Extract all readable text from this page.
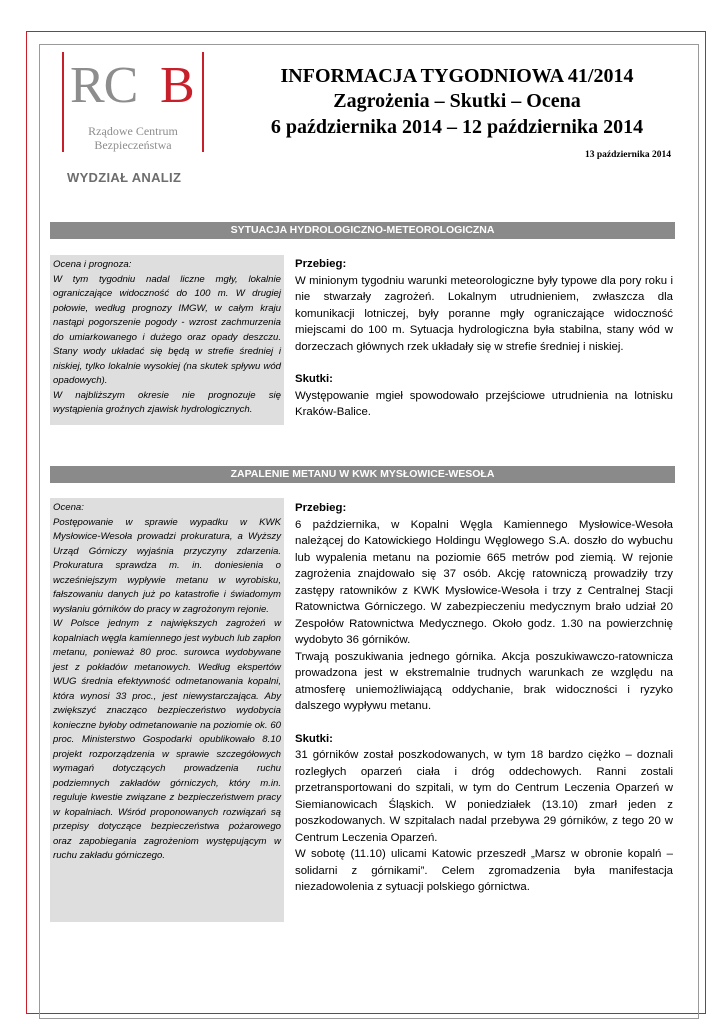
RC B
Rządowe Centrum
Bezpieczeństwa
WYDZIAŁ ANALIZ
INFORMACJA TYGODNIOWA 41/2014
Zagrożenia – Skutki – Ocena
6 października 2014 – 12 października 2014
13 października 2014
SYTUACJA HYDROLOGICZNO-METEOROLOGICZNA
Ocena i prognoza:
W tym tygodniu nadal liczne mgły, lokalnie ograniczające widoczność do 100 m. W drugiej połowie, według prognozy IMGW, w całym kraju nastąpi pogorszenie pogody - wzrost zachmurzenia do umiarkowanego i dużego oraz opady deszczu. Stany wody układać się będą w strefie średniej i niskiej, tylko lokalnie wysokiej (na skutek spływu wód opadowych).
W najbliższym okresie nie prognozuje się wystąpienia groźnych zjawisk hydrologicznych.
Przebieg:
W minionym tygodniu warunki meteorologiczne były typowe dla pory roku i nie stwarzały zagrożeń. Lokalnym utrudnieniem, zwłaszcza dla komunikacji lotniczej, były poranne mgły ograniczające widoczność miejscami do 100 m. Sytuacja hydrologiczna była stabilna, stany wód w dorzeczach głównych rzek układały się w strefie średniej i niskiej.
Skutki:
Występowanie mgieł spowodowało przejściowe utrudnienia na lotnisku Kraków-Balice.
ZAPALENIE METANU W KWK MYSŁOWICE-WESOŁA
Ocena:
Postępowanie w sprawie wypadku w KWK Mysłowice-Wesoła prowadzi prokuratura, a Wyższy Urząd Górniczy wyjaśnia przyczyny zdarzenia. Prokuratura sprawdza m. in. doniesienia o wcześniejszym wypływie metanu w wyrobisku, fałszowaniu danych już po katastrofie i świadomym wysłaniu górników do pracy w zagrożonym rejonie.
W Polsce jednym z największych zagrożeń w kopalniach węgla kamiennego jest wybuch lub zapłon metanu, ponieważ 80 proc. surowca wydobywane jest z pokładów metanowych. Według ekspertów WUG średnia efektywność odmetanowania kopalni, która wynosi 33 proc., jest niewystarczająca. Aby zwiększyć znacząco bezpieczeństwo wydobycia konieczne byłoby odmetanowanie na poziomie ok. 60 proc. Ministerstwo Gospodarki opublikowało 8.10 projekt rozporządzenia w sprawie szczegółowych wymagań dotyczących prowadzenia ruchu podziemnych zakładów górniczych, który m.in. reguluje kwestie związane z bezpieczeństwem pracy w kopalniach. Wśród proponowanych rozwiązań są przepisy dotyczące bezpieczeństwa pożarowego oraz zapobiegania zagrożeniom występującym w ruchu zakładu górniczego.
Przebieg:
6 października, w Kopalni Węgla Kamiennego Mysłowice-Wesoła należącej do Katowickiego Holdingu Węglowego S.A. doszło do wybuchu lub wypalenia metanu na poziomie 665 metrów pod ziemią. W rejonie zagrożenia znajdowało się 37 osób. Akcję ratowniczą prowadziły trzy zastępy ratowników z KWK Mysłowice-Wesoła i trzy z Centralnej Stacji Ratownictwa Górniczego. W zabezpieczeniu medycznym brało udział 20 Zespołów Ratownictwa Medycznego. Około godz. 1.30 na powierzchnię wydobyto 36 górników.
Trwają poszukiwania jednego górnika. Akcja poszukiwawczo-ratownicza prowadzona jest w ekstremalnie trudnych warunkach ze względu na atmosferę uniemożliwiającą oddychanie, brak widoczności i ryzyko dalszego wypływu metanu.
Skutki:
31 górników został poszkodowanych, w tym 18 bardzo ciężko – doznali rozległych oparzeń ciała i dróg oddechowych. Ranni zostali przetransportowani do szpitali, w tym do Centrum Leczenia Oparzeń w Siemianowicach Śląskich. W poniedziałek (13.10) zmarł jeden z poszkodowanych. W szpitalach nadal przebywa 29 górników, z tego 20 w Centrum Leczenia Oparzeń.
W sobotę (11.10) ulicami Katowic przeszedł „Marsz w obronie kopalń – solidarni z górnikami”. Celem zgromadzenia była manifestacja niezadowolenia z sytuacji polskiego górnictwa.
